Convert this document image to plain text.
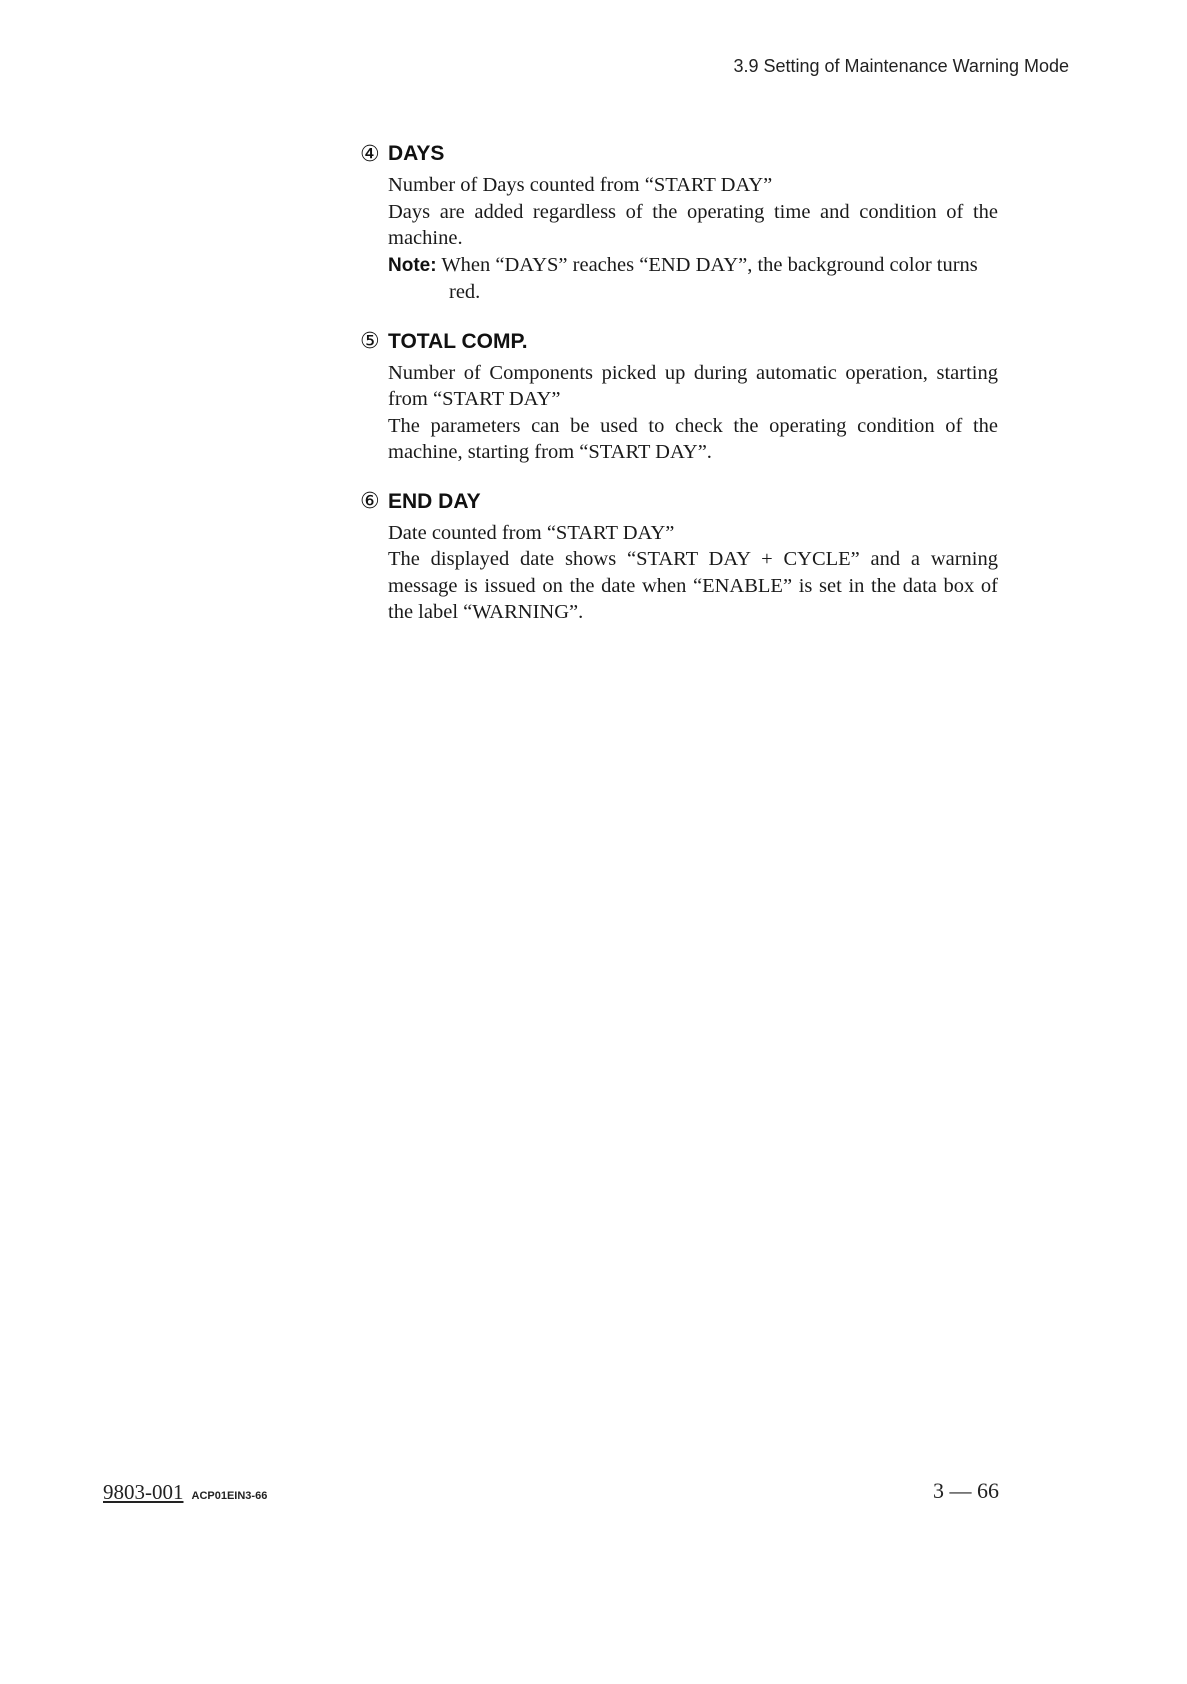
3.9 Setting of Maintenance Warning Mode
④ DAYS

Number of Days counted from “START DAY”

Days are added regardless of the operating time and condition of the machine.

Note: When “DAYS” reaches “END DAY”, the background color turns red.

⑤ TOTAL COMP.

Number of Components picked up during automatic operation, starting from “START DAY”

The parameters can be used to check the operating condition of the machine, starting from “START DAY”.

⑥ END DAY

Date counted from “START DAY”

The displayed date shows “START DAY + CYCLE” and a warning message is issued on the date when “ENABLE” is set in the data box of the label “WARNING”.

9803-001 ACP01EIN3-66	3 — 66
